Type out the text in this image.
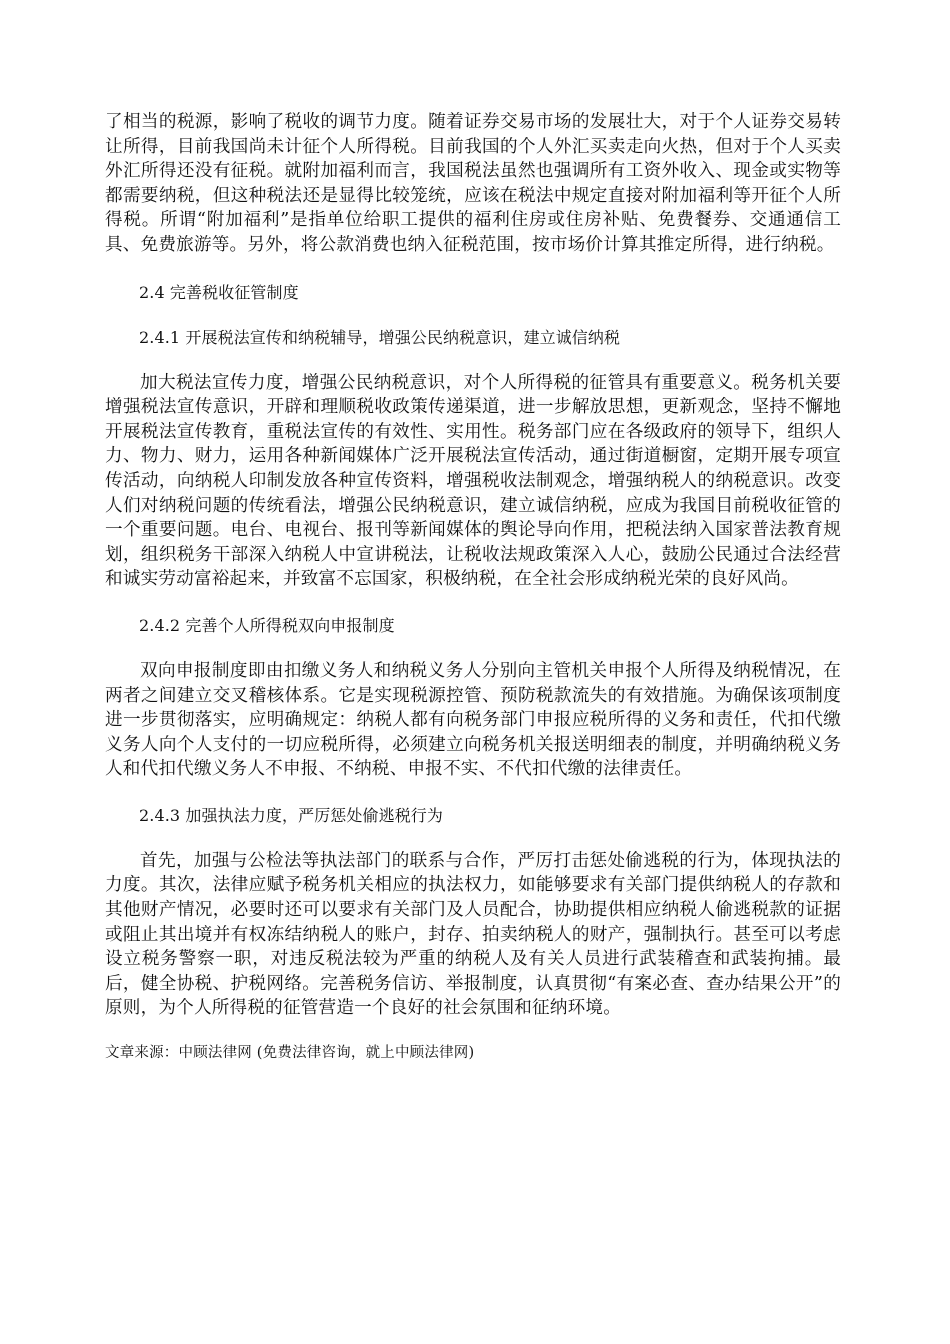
了相当的税源，影响了税收的调节力度。随着证券交易市场的发展壮大，对于个人证券交易转让所得，目前我国尚未计征个人所得税。目前我国的个人外汇买卖走向火热，但对于个人买卖外汇所得还没有征税。就附加福利而言，我国税法虽然也强调所有工资外收入、现金或实物等都需要纳税，但这种税法还是显得比较笼统，应该在税法中规定直接对附加福利等开征个人所得税。所谓“附加福利”是指单位给职工提供的福利住房或住房补贴、免费餐券、交通通信工具、免费旅游等。另外，将公款消费也纳入征税范围，按市场价计算其推定所得，进行纳税。

2.4 完善税收征管制度

2.4.1 开展税法宣传和纳税辅导，增强公民纳税意识，建立诚信纳税

加大税法宣传力度，增强公民纳税意识，对个人所得税的征管具有重要意义。税务机关要增强税法宣传意识，开辟和理顺税收政策传递渠道，进一步解放思想，更新观念，坚持不懈地开展税法宣传教育，重税法宣传的有效性、实用性。税务部门应在各级政府的领导下，组织人力、物力、财力，运用各种新闻媒体广泛开展税法宣传活动，通过街道橱窗，定期开展专项宣传活动，向纳税人印制发放各种宣传资料，增强税收法制观念，增强纳税人的纳税意识。改变人们对纳税问题的传统看法，增强公民纳税意识，建立诚信纳税，应成为我国目前税收征管的一个重要问题。电台、电视台、报刊等新闻媒体的舆论导向作用，把税法纳入国家普法教育规划，组织税务干部深入纳税人中宣讲税法，让税收法规政策深入人心，鼓励公民通过合法经营和诚实劳动富裕起来，并致富不忘国家，积极纳税，在全社会形成纳税光荣的良好风尚。

2.4.2 完善个人所得税双向申报制度

双向申报制度即由扣缴义务人和纳税义务人分别向主管机关申报个人所得及纳税情况，在两者之间建立交叉稽核体系。它是实现税源控管、预防税款流失的有效措施。为确保该项制度进一步贯彻落实，应明确规定：纳税人都有向税务部门申报应税所得的义务和责任，代扣代缴义务人向个人支付的一切应税所得，必须建立向税务机关报送明细表的制度，并明确纳税义务人和代扣代缴义务人不申报、不纳税、申报不实、不代扣代缴的法律责任。

2.4.3 加强执法力度，严厉惩处偷逃税行为

首先，加强与公检法等执法部门的联系与合作，严厉打击惩处偷逃税的行为，体现执法的力度。其次，法律应赋予税务机关相应的执法权力，如能够要求有关部门提供纳税人的存款和其他财产情况，必要时还可以要求有关部门及人员配合，协助提供相应纳税人偷逃税款的证据或阻止其出境并有权冻结纳税人的账户，封存、拍卖纳税人的财产，强制执行。甚至可以考虑设立税务警察一职，对违反税法较为严重的纳税人及有关人员进行武装稽查和武装拘捕。最后，健全协税、护税网络。完善税务信访、举报制度，认真贯彻“有案必查、查办结果公开”的原则，为个人所得税的征管营造一个良好的社会氛围和征纳环境。

文章来源：中顾法律网 (免费法律咨询，就上中顾法律网)
